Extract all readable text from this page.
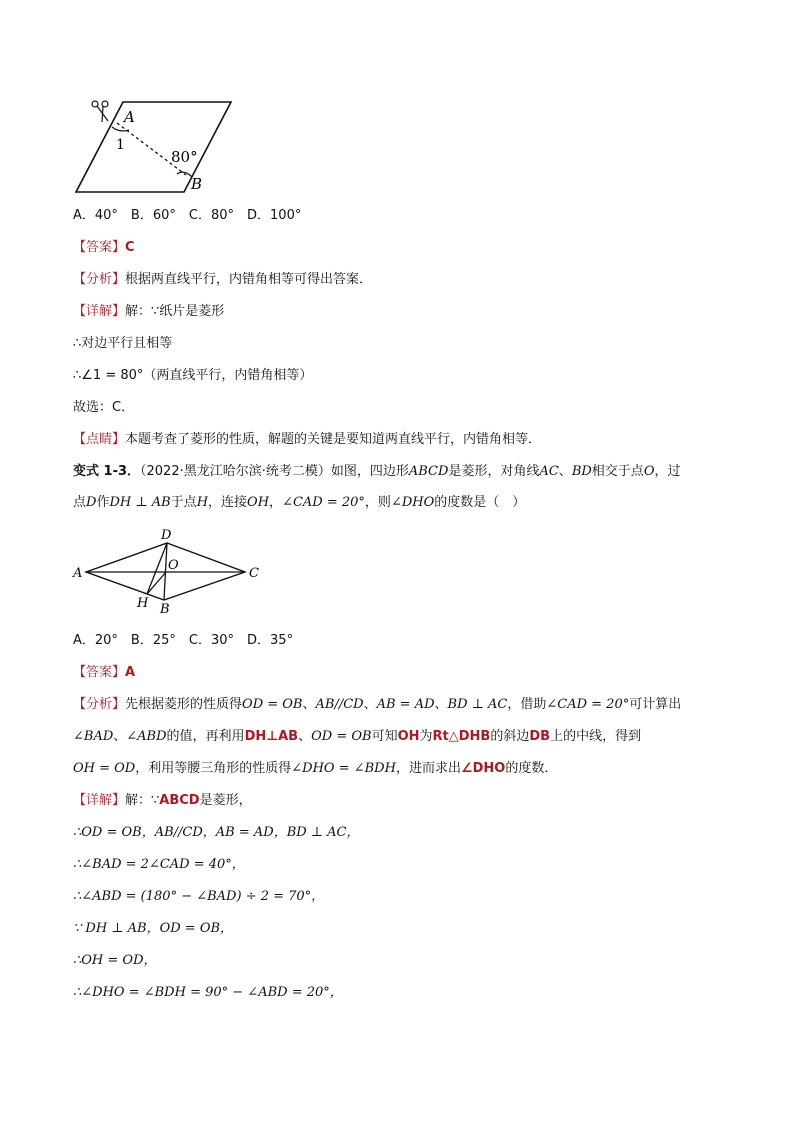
A
1
80°
B
A．40°　B．60°　C．80°　D．100°
【答案】C
【分析】根据两直线平行，内错角相等可得出答案．
【详解】解：∵纸片是菱形
∴对边平行且相等
∴∠1 = 80°（两直线平行，内错角相等）
故选：C．
【点睛】本题考查了菱形的性质，解题的关键是要知道两直线平行，内错角相等．
变式 1-3．（2022·黑龙江哈尔滨·统考二模）如图，四边形ABCD是菱形，对角线AC、BD相交于点O，过
点D作DH ⊥ AB于点H，连接OH，∠CAD = 20°，则∠DHO的度数是（　）
D
A
O
C
H B
A．20°　B．25°　C．30°　D．35°
【答案】A
【分析】先根据菱形的性质得OD = OB、AB//CD、AB = AD、BD ⊥ AC，借助∠CAD = 20°可计算出
∠BAD、∠ABD的值，再利用DH⊥AB、OD = OB可知OH为Rt△DHB的斜边DB上的中线，得到
OH = OD，利用等腰三角形的性质得∠DHO = ∠BDH，进而求出∠DHO的度数．
【详解】解：∵ABCD是菱形，
∴OD = OB，AB//CD，AB = AD，BD ⊥ AC，
∴∠BAD = 2∠CAD = 40°，
∴∠ABD = (180° − ∠BAD) ÷ 2 = 70°，
∵ DH ⊥ AB，OD = OB，
∴OH = OD，
∴∠DHO = ∠BDH = 90° − ∠ABD = 20°，
